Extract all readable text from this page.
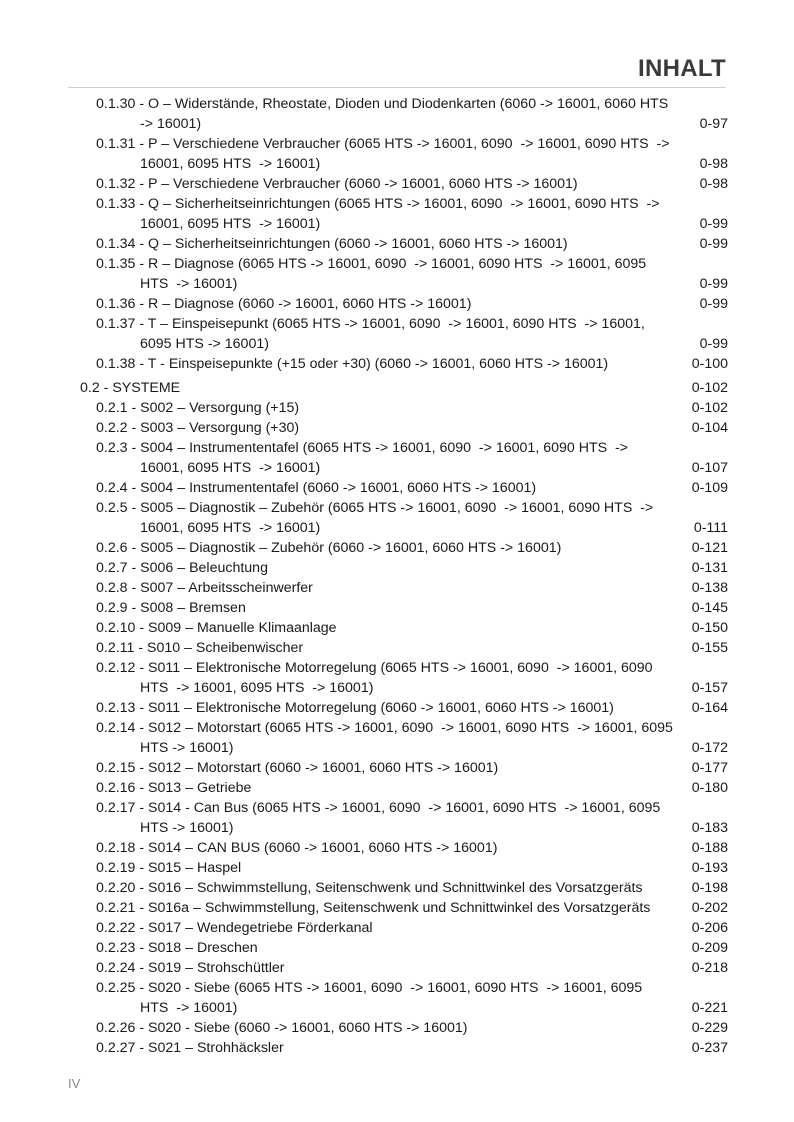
INHALT
0.1.30 - O – Widerstände, Rheostate, Dioden und Diodenkarten (6060 -> 16001, 6060 HTS -> 16001)	0-97
0.1.31 - P – Verschiedene Verbraucher (6065 HTS -> 16001, 6090  -> 16001, 6090 HTS  -> 16001, 6095 HTS  -> 16001)	0-98
0.1.32 - P – Verschiedene Verbraucher (6060 -> 16001, 6060 HTS -> 16001)	0-98
0.1.33 - Q – Sicherheitseinrichtungen (6065 HTS -> 16001, 6090  -> 16001, 6090 HTS  -> 16001, 6095 HTS  -> 16001)	0-99
0.1.34 - Q – Sicherheitseinrichtungen (6060 -> 16001, 6060 HTS -> 16001)	0-99
0.1.35 - R – Diagnose (6065 HTS -> 16001, 6090  -> 16001, 6090 HTS  -> 16001, 6095 HTS  -> 16001)	0-99
0.1.36 - R – Diagnose (6060 -> 16001, 6060 HTS -> 16001)	0-99
0.1.37 - T – Einspeisepunkt (6065 HTS -> 16001, 6090  -> 16001, 6090 HTS  -> 16001, 6095 HTS -> 16001)	0-99
0.1.38 - T - Einspeisepunkte (+15 oder +30) (6060 -> 16001, 6060 HTS -> 16001)	0-100
0.2 - SYSTEME	0-102
0.2.1 - S002 – Versorgung (+15)	0-102
0.2.2 - S003 – Versorgung (+30)	0-104
0.2.3 - S004 – Instrumententafel (6065 HTS -> 16001, 6090  -> 16001, 6090 HTS  -> 16001, 6095 HTS  -> 16001)	0-107
0.2.4 - S004 – Instrumententafel (6060 -> 16001, 6060 HTS -> 16001)	0-109
0.2.5 - S005 – Diagnostik – Zubehör (6065 HTS -> 16001, 6090  -> 16001, 6090 HTS  -> 16001, 6095 HTS  -> 16001)	0-111
0.2.6 - S005 – Diagnostik – Zubehör (6060 -> 16001, 6060 HTS -> 16001)	0-121
0.2.7 - S006 – Beleuchtung	0-131
0.2.8 - S007 – Arbeitsscheinwerfer	0-138
0.2.9 - S008 – Bremsen	0-145
0.2.10 - S009 – Manuelle Klimaanlage	0-150
0.2.11 - S010 – Scheibenwischer	0-155
0.2.12 - S011 – Elektronische Motorregelung (6065 HTS -> 16001, 6090  -> 16001, 6090 HTS  -> 16001, 6095 HTS  -> 16001)	0-157
0.2.13 - S011 – Elektronische Motorregelung (6060 -> 16001, 6060 HTS -> 16001)	0-164
0.2.14 - S012 – Motorstart (6065 HTS -> 16001, 6090  -> 16001, 6090 HTS  -> 16001, 6095 HTS -> 16001)	0-172
0.2.15 - S012 – Motorstart (6060 -> 16001, 6060 HTS -> 16001)	0-177
0.2.16 - S013 – Getriebe	0-180
0.2.17 - S014 - Can Bus (6065 HTS -> 16001, 6090  -> 16001, 6090 HTS  -> 16001, 6095 HTS -> 16001)	0-183
0.2.18 - S014 – CAN BUS (6060 -> 16001, 6060 HTS -> 16001)	0-188
0.2.19 - S015 – Haspel	0-193
0.2.20 - S016 – Schwimmstellung, Seitenschwenk und Schnittwinkel des Vorsatzgeräts	0-198
0.2.21 - S016a – Schwimmstellung, Seitenschwenk und Schnittwinkel des Vorsatzgeräts	0-202
0.2.22 - S017 – Wendegetriebe Förderkanal	0-206
0.2.23 - S018 – Dreschen	0-209
0.2.24 - S019 – Strohschüttler	0-218
0.2.25 - S020 - Siebe (6065 HTS -> 16001, 6090  -> 16001, 6090 HTS  -> 16001, 6095 HTS  -> 16001)	0-221
0.2.26 - S020 - Siebe (6060 -> 16001, 6060 HTS -> 16001)	0-229
0.2.27 - S021 – Strohhäcksler	0-237
IV
